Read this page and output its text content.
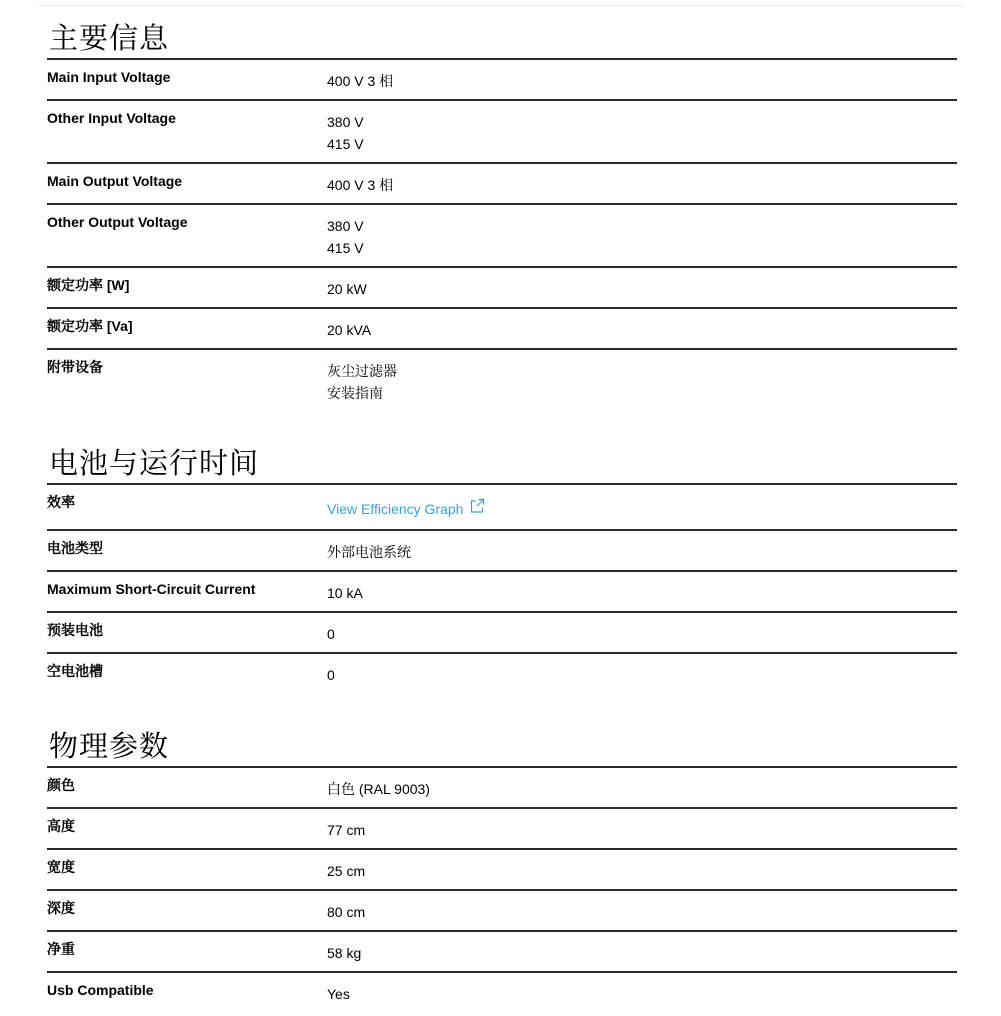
主要信息
Main Input Voltage	400 V 3 相
Other Input Voltage	380 V
415 V
Main Output Voltage	400 V 3 相
Other Output Voltage	380 V
415 V
额定功率 [W]	20 kW
额定功率 [Va]	20 kVA
附带设备	灰尘过滤器
安装指南
电池与运行时间
效率	View Efficiency Graph
电池类型	外部电池系统
Maximum Short-Circuit Current	10 kA
预装电池	0
空电池槽	0
物理参数
颜色	白色 (RAL 9003)
高度	77 cm
宽度	25 cm
深度	80 cm
净重	58 kg
Usb Compatible	Yes
